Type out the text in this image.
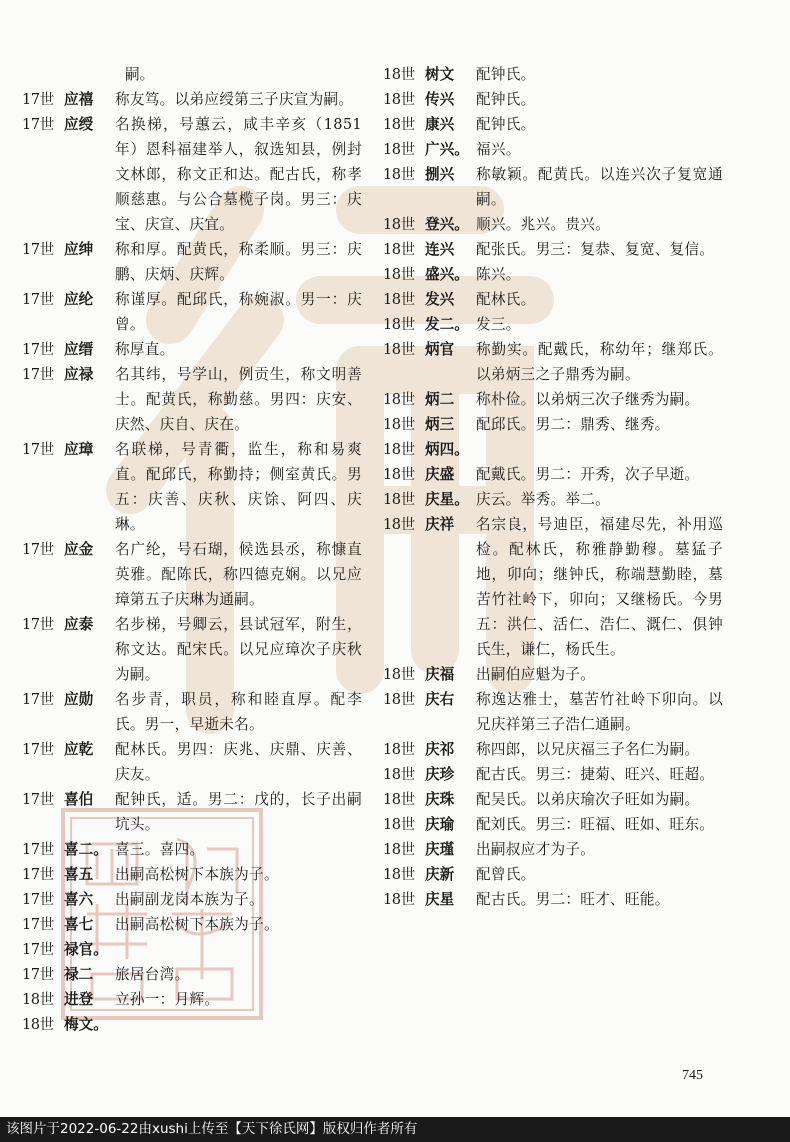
嗣。
17世 应禧	称友笃。以弟应绶第三子庆宣为嗣。
17世 应绶	名换梯，号蕙云，咸丰辛亥（1851年）恩科福建举人，叙选知县，例封文林郎，称文正和达。配古氏，称孝顺慈惠。与公合墓榄子岗。男三：庆宝、庆宣、庆宜。
17世 应绅	称和厚。配黄氏，称柔顺。男三：庆鹏、庆炳、庆辉。
17世 应纶	称谨厚。配邱氏，称婉淑。男一：庆曾。
17世 应缙	称厚直。
17世 应禄	名其纬，号学山，例贡生，称文明善士。配黄氏，称勤慈。男四：庆安、庆然、庆自、庆在。
17世 应璋	名联梯，号青衢，监生，称和易爽直。配邱氏，称勤持；侧室黄氏。男五：庆善、庆秋、庆馀、阿四、庆琳。
17世 应金	名广纶，号石瑚，候选县丞，称慷直英雅。配陈氏，称四德克娴。以兄应璋第五子庆琳为通嗣。
17世 应泰	名步梯，号卿云，县试冠军，附生，称文达。配宋氏。以兄应璋次子庆秋为嗣。
17世 应勋	名步青，职员，称和睦直厚。配李氏。男一，早逝未名。
17世 应乾	配林氏。男四：庆兆、庆鼎、庆善、庆友。
17世 喜伯	配钟氏，适。男二：戊的，长子出嗣坑头。
17世 喜二。 喜三。喜四。
17世 喜五	出嗣高松树下本族为子。
17世 喜六	出嗣副龙岗本族为子。
17世 喜七	出嗣高松树下本族为子。
17世 禄官。
17世 禄二	旅居台湾。
18世 进登	立孙一：月辉。
18世 梅文。
18世 树文	配钟氏。
18世 传兴	配钟氏。
18世 康兴	配钟氏。
18世 广兴。 福兴。
18世 捌兴	称敏颖。配黄氏。以连兴次子复宽通嗣。
18世 登兴。 顺兴。兆兴。贵兴。
18世 连兴	配张氏。男三：复恭、复宽、复信。
18世 盛兴。 陈兴。
18世 发兴	配林氏。
18世 发二。 发三。
18世 炳官	称勤实。配戴氏，称幼年；继郑氏。以弟炳三之子鼎秀为嗣。
18世 炳二	称朴俭。以弟炳三次子继秀为嗣。
18世 炳三	配邱氏。男二：鼎秀、继秀。
18世 炳四。
18世 庆盛	配戴氏。男二：开秀，次子早逝。
18世 庆星。 庆云。举秀。举二。
18世 庆祥	名宗良，号迪臣，福建尽先，补用巡检。配林氏，称雅静勤穆。墓猛子地，卯向；继钟氏，称端慧勤睦，墓苦竹社岭下，卯向；又继杨氏。今男五：洪仁、活仁、浩仁、溉仁、俱钟氏生，谦仁，杨氏生。
18世 庆福	出嗣伯应魁为子。
18世 庆右	称逸达雅士，墓苦竹社岭下卯向。以兄庆祥第三子浩仁通嗣。
18世 庆祁	称四郎，以兄庆福三子名仁为嗣。
18世 庆珍	配古氏。男三：捷菊、旺兴、旺超。
18世 庆珠	配吴氏。以弟庆瑜次子旺如为嗣。
18世 庆瑜	配刘氏。男三：旺福、旺如、旺东。
18世 庆瑾	出嗣叔应才为子。
18世 庆新	配曾氏。
18世 庆星	配古氏。男二：旺才、旺能。
745
该图片于2022-06-22由xushi上传至【天下徐氏网】版权归作者所有
